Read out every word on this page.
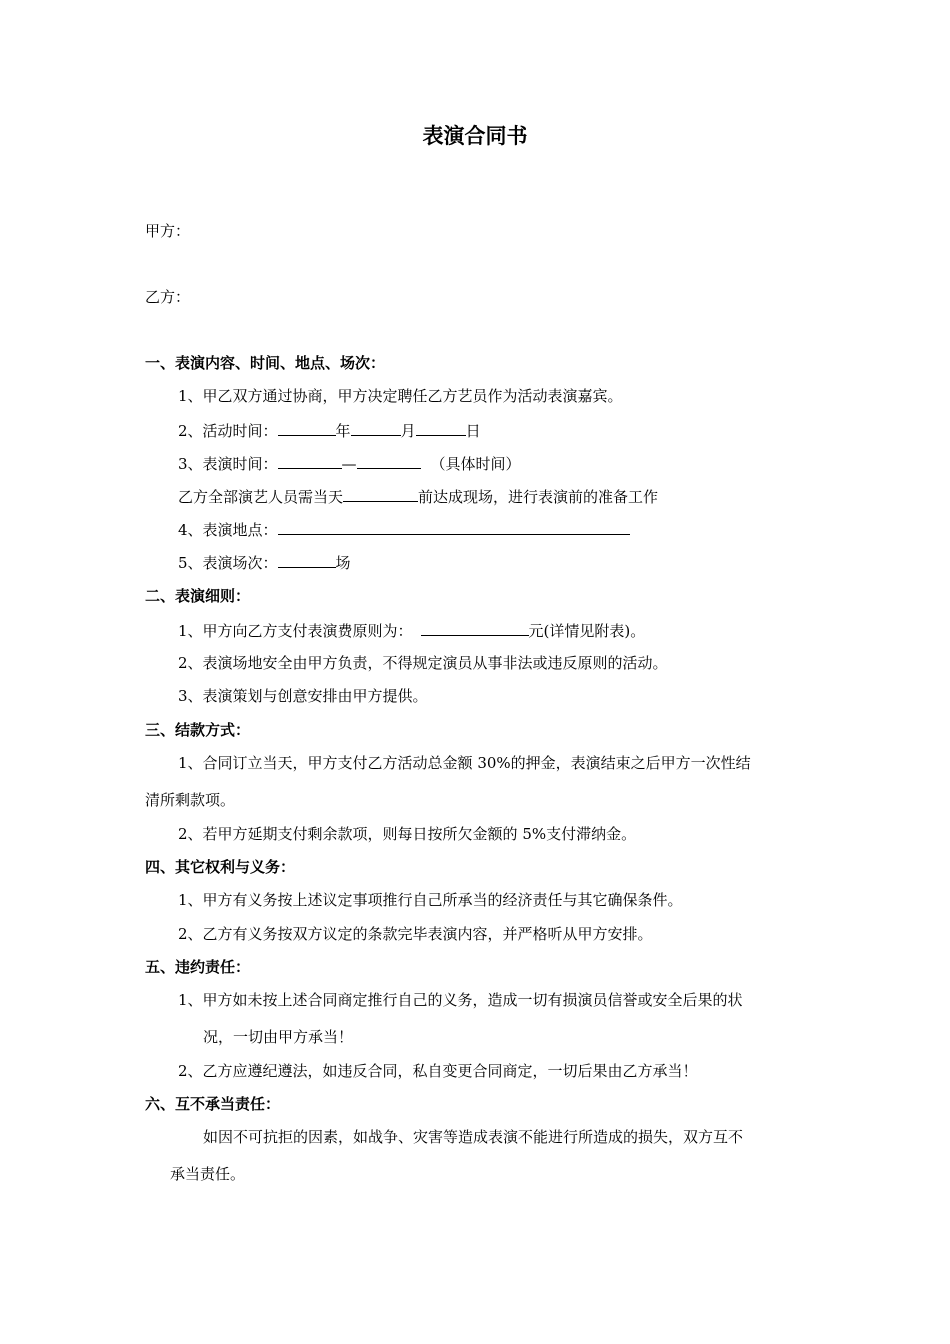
表演合同书
甲方：
乙方：
一、表演内容、时间、地点、场次：
1、甲乙双方通过协商，甲方决定聘任乙方艺员作为活动表演嘉宾。
2、活动时间：	年	月	日
3、表演时间：	—	（具体时间）
乙方全部演艺人员需当天	前达成现场，进行表演前的准备工作
4、表演地点：
5、表演场次：	场
二、表演细则：
1、甲方向乙方支付表演费原则为：	元(详情见附表)。
2、表演场地安全由甲方负责，不得规定演员从事非法或违反原则的活动。
3、表演策划与创意安排由甲方提供。
三、结款方式：
1、合同订立当天，甲方支付乙方活动总金额 30%的押金，表演结束之后甲方一次性结
清所剩款项。
2、若甲方延期支付剩余款项，则每日按所欠金额的 5%支付滞纳金。
四、其它权利与义务：
1、甲方有义务按上述议定事项推行自己所承当的经济责任与其它确保条件。
2、乙方有义务按双方议定的条款完毕表演内容，并严格听从甲方安排。
五、违约责任：
1、甲方如未按上述合同商定推行自己的义务，造成一切有损演员信誉或安全后果的状
况，一切由甲方承当！
2、乙方应遵纪遵法，如违反合同，私自变更合同商定，一切后果由乙方承当！
六、互不承当责任：
如因不可抗拒的因素，如战争、灾害等造成表演不能进行所造成的损失，双方互不
承当责任。
